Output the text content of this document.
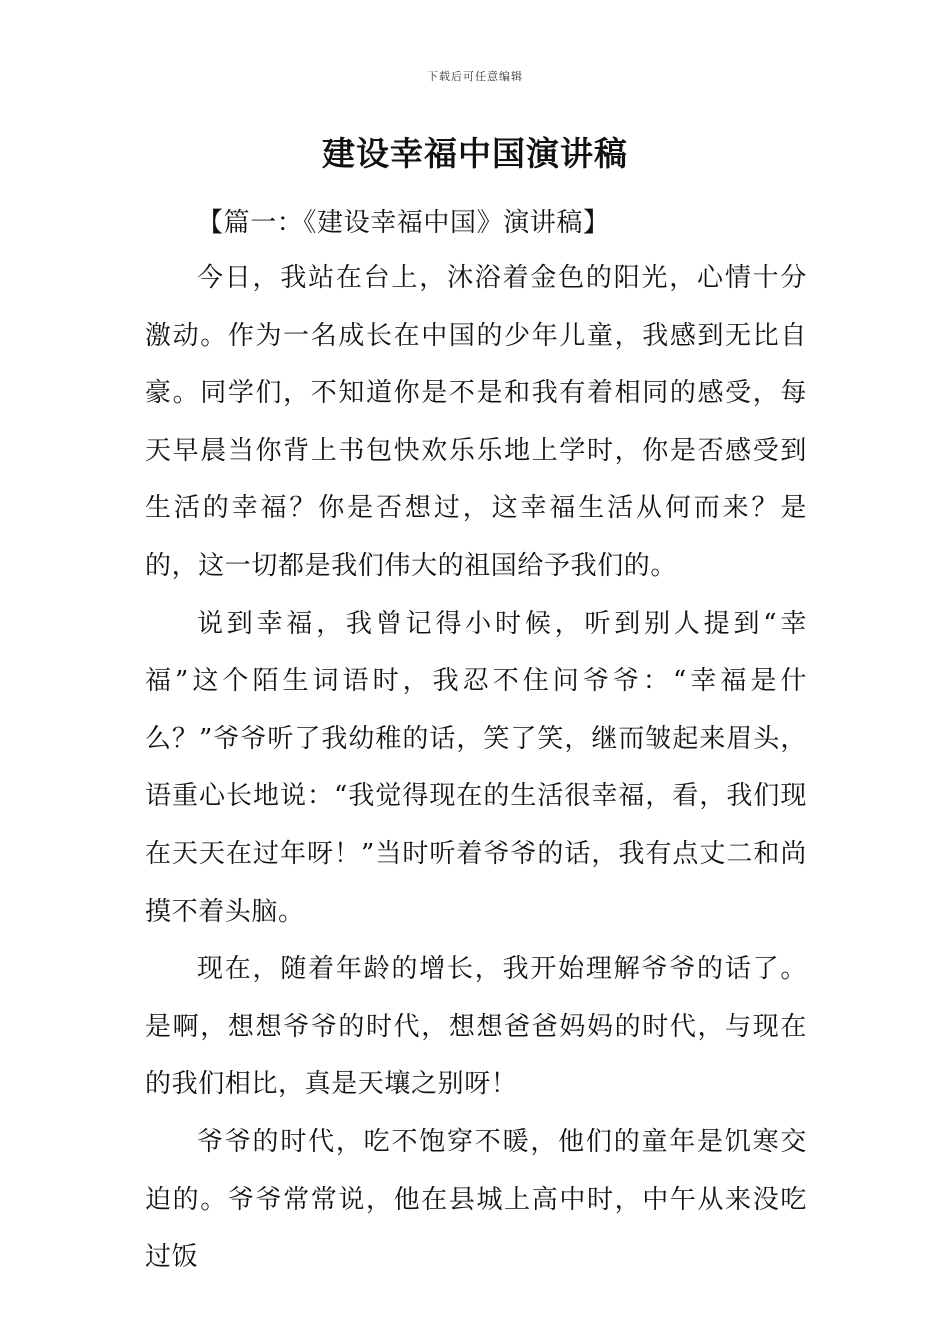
下载后可任意编辑
建设幸福中国演讲稿

【篇一：《建设幸福中国》演讲稿】

今日，我站在台上，沐浴着金色的阳光，心情十分激动。作为一名成长在中国的少年儿童，我感到无比自豪。同学们，不知道你是不是和我有着相同的感受，每天早晨当你背上书包快欢乐乐地上学时，你是否感受到生活的幸福？你是否想过，这幸福生活从何而来？是的，这一切都是我们伟大的祖国给予我们的。

说到幸福，我曾记得小时候，听到别人提到“幸福”这个陌生词语时，我忍不住问爷爷：“幸福是什么？”爷爷听了我幼稚的话，笑了笑，继而皱起来眉头，语重心长地说：“我觉得现在的生活很幸福，看，我们现在天天在过年呀！”当时听着爷爷的话，我有点丈二和尚摸不着头脑。

现在，随着年龄的增长，我开始理解爷爷的话了。是啊，想想爷爷的时代，想想爸爸妈妈的时代，与现在的我们相比，真是天壤之别呀！

爷爷的时代，吃不饱穿不暖，他们的童年是饥寒交迫的。爷爷常常说，他在县城上高中时，中午从来没吃过饭
